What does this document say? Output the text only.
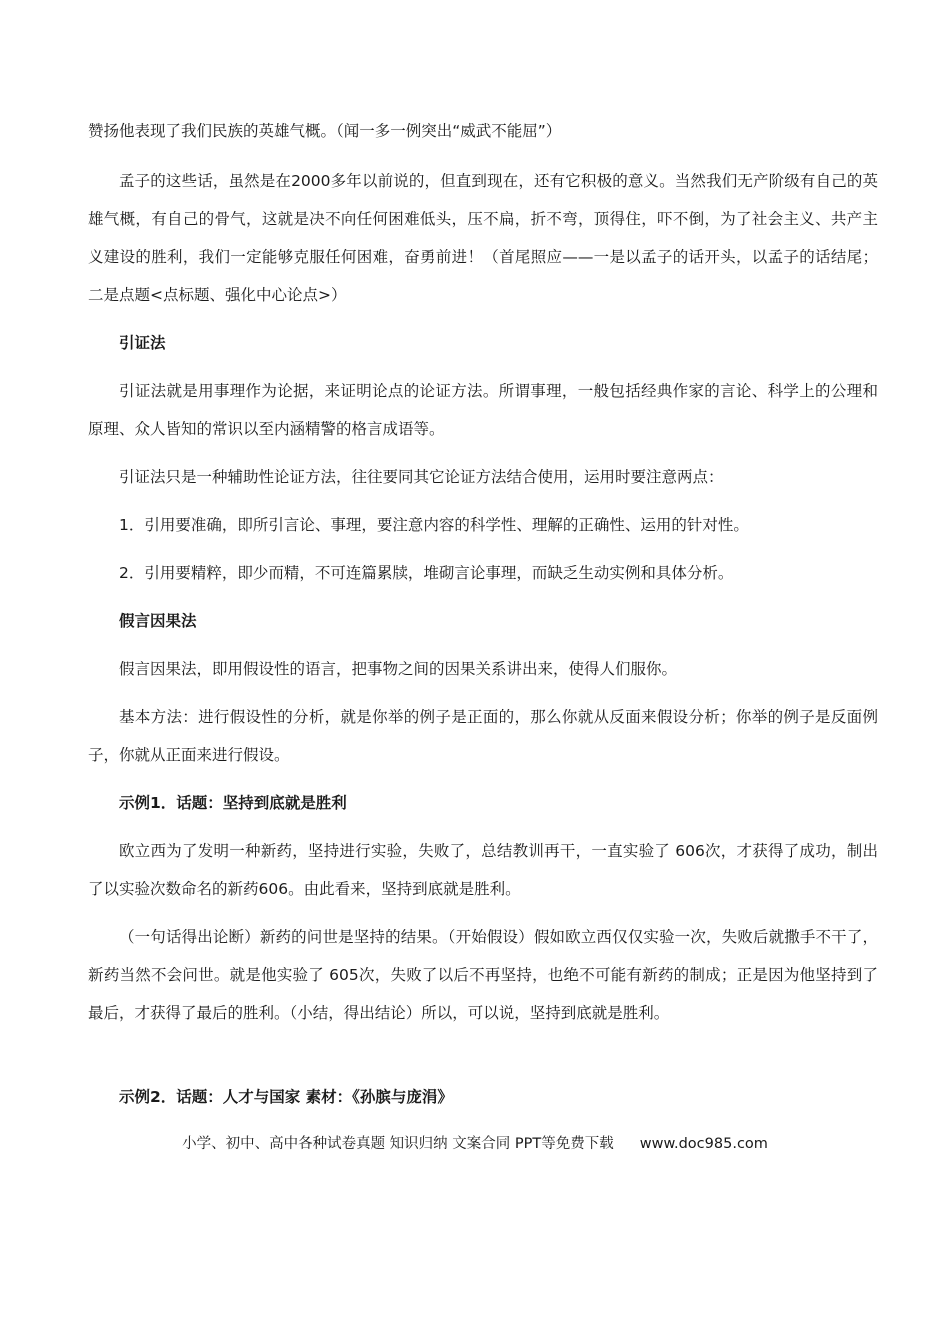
赞扬他表现了我们民族的英雄气概。（闻一多一例突出“威武不能屈”）

孟子的这些话，虽然是在2000多年以前说的，但直到现在，还有它积极的意义。当然我们无产阶级有自己的英雄气概，有自己的骨气，这就是决不向任何困难低头，压不扁，折不弯，顶得住，吓不倒，为了社会主义、共产主义建设的胜利，我们一定能够克服任何困难，奋勇前进！（首尾照应——一是以孟子的话开头，以孟子的话结尾；二是点题<点标题、强化中心论点>）

引证法

引证法就是用事理作为论据，来证明论点的论证方法。所谓事理，一般包括经典作家的言论、科学上的公理和原理、众人皆知的常识以至内涵精警的格言成语等。

引证法只是一种辅助性论证方法，往往要同其它论证方法结合使用，运用时要注意两点：

1．引用要准确，即所引言论、事理，要注意内容的科学性、理解的正确性、运用的针对性。

2．引用要精粹，即少而精，不可连篇累牍，堆砌言论事理，而缺乏生动实例和具体分析。

假言因果法

假言因果法，即用假设性的语言，把事物之间的因果关系讲出来，使得人们服你。

基本方法：进行假设性的分析，就是你举的例子是正面的，那么你就从反面来假设分析；你举的例子是反面例子，你就从正面来进行假设。

示例1．话题：坚持到底就是胜利

欧立西为了发明一种新药，坚持进行实验，失败了，总结教训再干，一直实验了 606次，才获得了成功，制出了以实验次数命名的新药606。由此看来，坚持到底就是胜利。

（一句话得出论断）新药的问世是坚持的结果。（开始假设）假如欧立西仅仅实验一次，失败后就撒手不干了，新药当然不会问世。就是他实验了 605次，失败了以后不再坚持，也绝不可能有新药的制成；正是因为他坚持到了最后，才获得了最后的胜利。（小结，得出结论）所以，可以说，坚持到底就是胜利。

示例2．话题：人才与国家 素材：《孙膑与庞涓》

小学、初中、高中各种试卷真题 知识归纳 文案合同 PPT等免费下载 www.doc985.com
